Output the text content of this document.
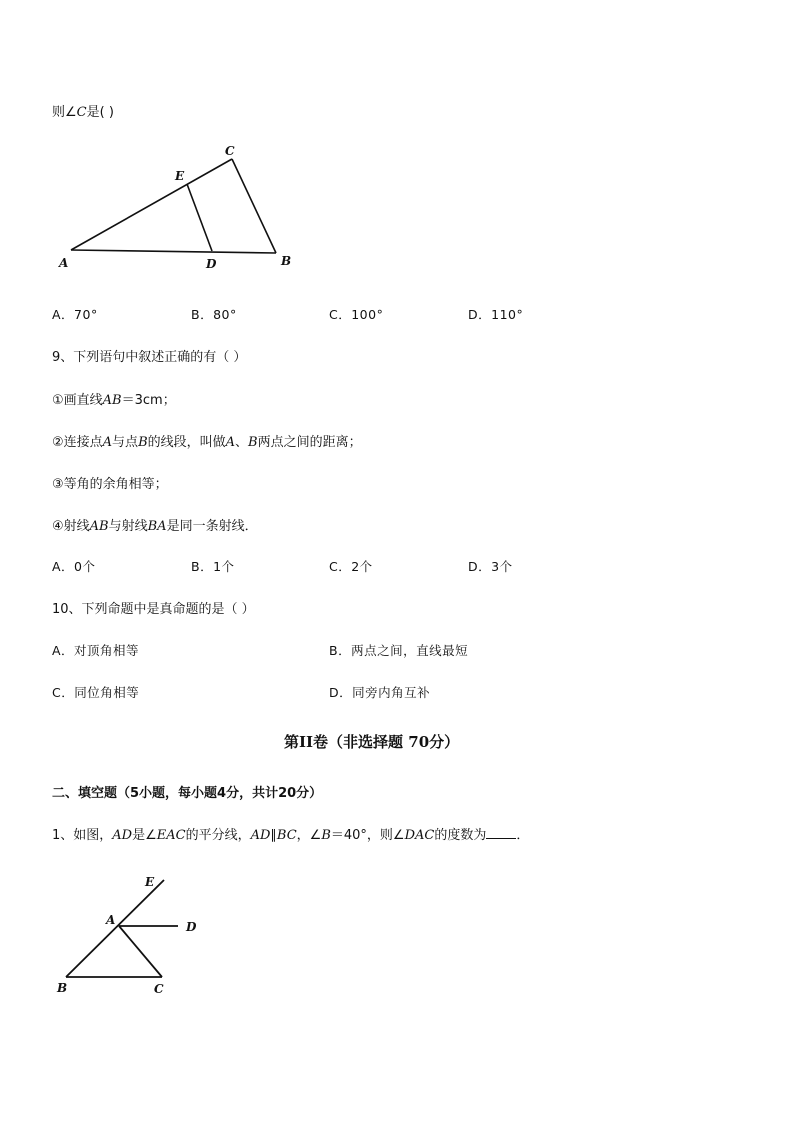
则∠C是( )
A	B
C
D
E
A．70°	B．80°	C．100°	D．110°
9、下列语句中叙述正确的有（ ）
①画直线AB＝3cm；
②连接点A与点B的线段，叫做A、B两点之间的距离；
③等角的余角相等；
④射线AB与射线BA是同一条射线．
A．0个	B．1个	C．2个	D．3个
10、下列命题中是真命题的是（ ）
A．对顶角相等	B．两点之间，直线最短
C．同位角相等	D．同旁内角互补
第II卷（非选择题 70分）
二、填空题（5小题，每小题4分，共计20分）
1、如图，AD是∠EAC的平分线，AD∥BC，∠B＝40°，则∠DAC的度数为 ．
E
A	D
B	C
